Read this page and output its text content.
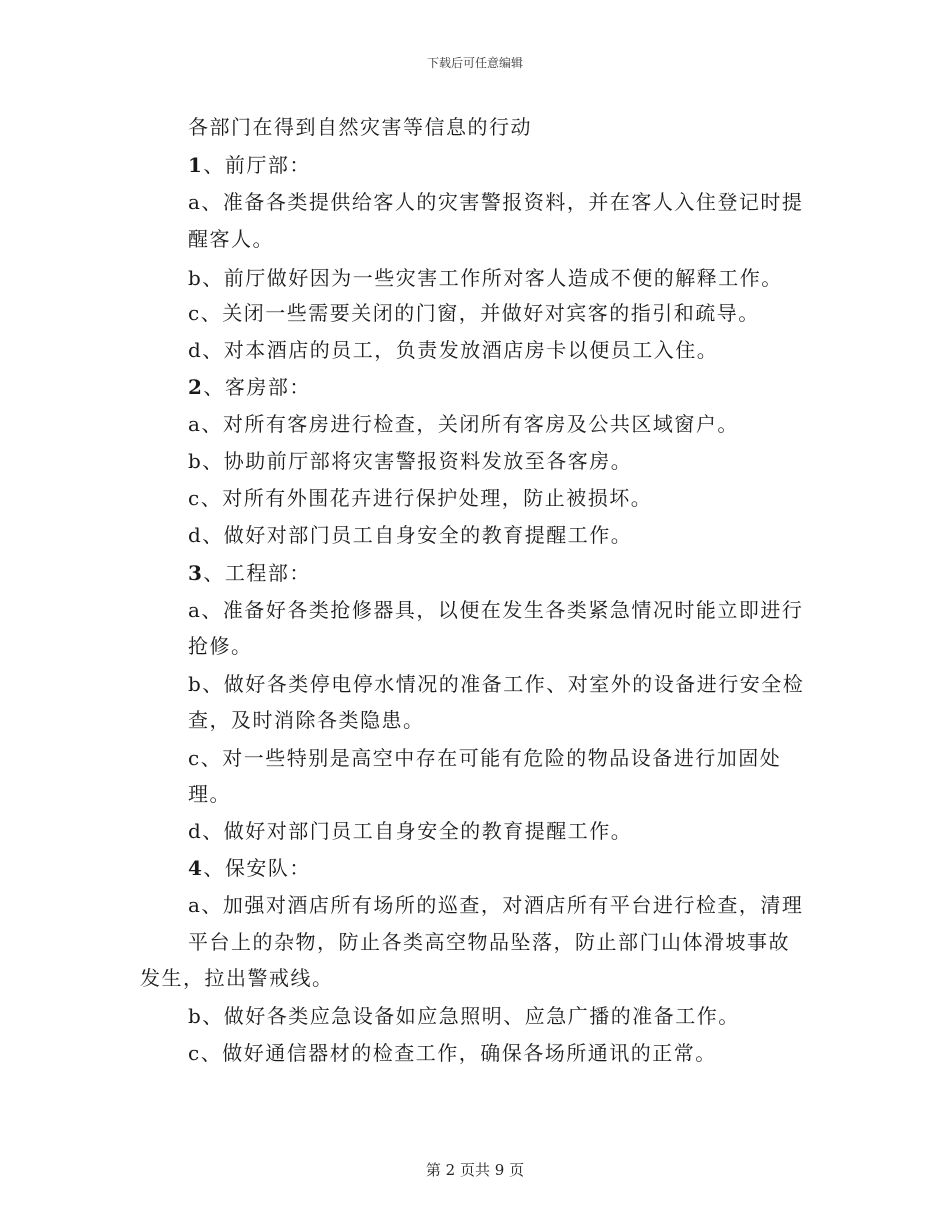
下载后可任意编辑
各部门在得到自然灾害等信息的行动
1、前厅部：
a、准备各类提供给客人的灾害警报资料，并在客人入住登记时提
醒客人。
b、前厅做好因为一些灾害工作所对客人造成不便的解释工作。
c、关闭一些需要关闭的门窗，并做好对宾客的指引和疏导。
d、对本酒店的员工，负责发放酒店房卡以便员工入住。
2、客房部：
a、对所有客房进行检查，关闭所有客房及公共区域窗户。
b、协助前厅部将灾害警报资料发放至各客房。
c、对所有外围花卉进行保护处理，防止被损坏。
d、做好对部门员工自身安全的教育提醒工作。
3、工程部：
a、准备好各类抢修器具，以便在发生各类紧急情况时能立即进行
抢修。
b、做好各类停电停水情况的准备工作、对室外的设备进行安全检
查，及时消除各类隐患。
c、对一些特别是高空中存在可能有危险的物品设备进行加固处
理。
d、做好对部门员工自身安全的教育提醒工作。
4、保安队：
a、加强对酒店所有场所的巡查，对酒店所有平台进行检查，清理
平台上的杂物，防止各类高空物品坠落，防止部门山体滑坡事故
发生，拉出警戒线。
b、做好各类应急设备如应急照明、应急广播的准备工作。
c、做好通信器材的检查工作，确保各场所通讯的正常。
第 2 页共 9 页
